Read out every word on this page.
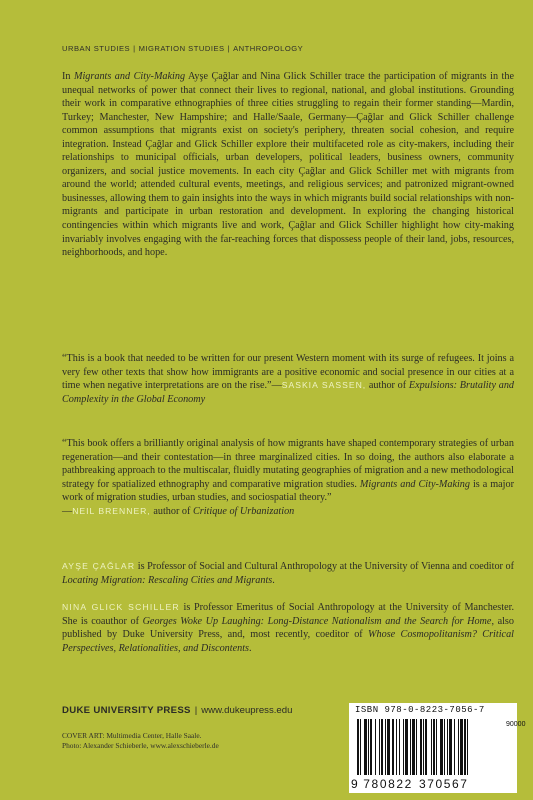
URBAN STUDIES | MIGRATION STUDIES | ANTHROPOLOGY

In Migrants and City-Making Ayşe Çağlar and Nina Glick Schiller trace the participation of migrants in the unequal networks of power that connect their lives to regional, national, and global institutions. Grounding their work in comparative ethnographies of three cities struggling to regain their former standing—Mardin, Turkey; Manchester, New Hampshire; and Halle/Saale, Germany—Çağlar and Glick Schiller challenge common assumptions that migrants exist on society's periphery, threaten social cohesion, and require integration. Instead Çağlar and Glick Schiller explore their multifaceted role as city-makers, including their relationships to municipal officials, urban developers, political leaders, business owners, community organizers, and social justice movements. In each city Çağlar and Glick Schiller met with migrants from around the world; attended cultural events, meetings, and religious services; and patronized migrant-owned businesses, allowing them to gain insights into the ways in which migrants build social relationships with non-migrants and participate in urban restoration and development. In exploring the changing historical contingencies within which migrants live and work, Çağlar and Glick Schiller highlight how city-making invariably involves engaging with the far-reaching forces that dispossess people of their land, jobs, resources, neighborhoods, and hope.

“This is a book that needed to be written for our present Western moment with its surge of refugees. It joins a very few other texts that show how immigrants are a positive economic and social presence in our cities at a time when negative interpretations are on the rise.”—SASKIA SASSEN, author of Expulsions: Brutality and Complexity in the Global Economy

“This book offers a brilliantly original analysis of how migrants have shaped contemporary strategies of urban regeneration—and their contestation—in three marginalized cities. In so doing, the authors also elaborate a pathbreaking approach to the multiscalar, fluidly mutating geographies of migration and a new methodological strategy for spatialized ethnography and comparative migration studies. Migrants and City-Making is a major work of migration studies, urban studies, and sociospatial theory.”
—NEIL BRENNER, author of Critique of Urbanization

AYŞE ÇAĞLAR is Professor of Social and Cultural Anthropology at the University of Vienna and coeditor of Locating Migration: Rescaling Cities and Migrants.

NINA GLICK SCHILLER is Professor Emeritus of Social Anthropology at the University of Manchester. She is coauthor of Georges Woke Up Laughing: Long-Distance Nationalism and the Search for Home, also published by Duke University Press, and, most recently, coeditor of Whose Cosmopolitanism? Critical Perspectives, Relationalities, and Discontents.

DUKE UNIVERSITY PRESS | www.dukeupress.edu

COVER ART: Multimedia Center, Halle Saale.

Photo: Alexander Schieberle, www.alexschieberle.de

ISBN 978-0-8223-7056-7
90000
9 780822 370567
